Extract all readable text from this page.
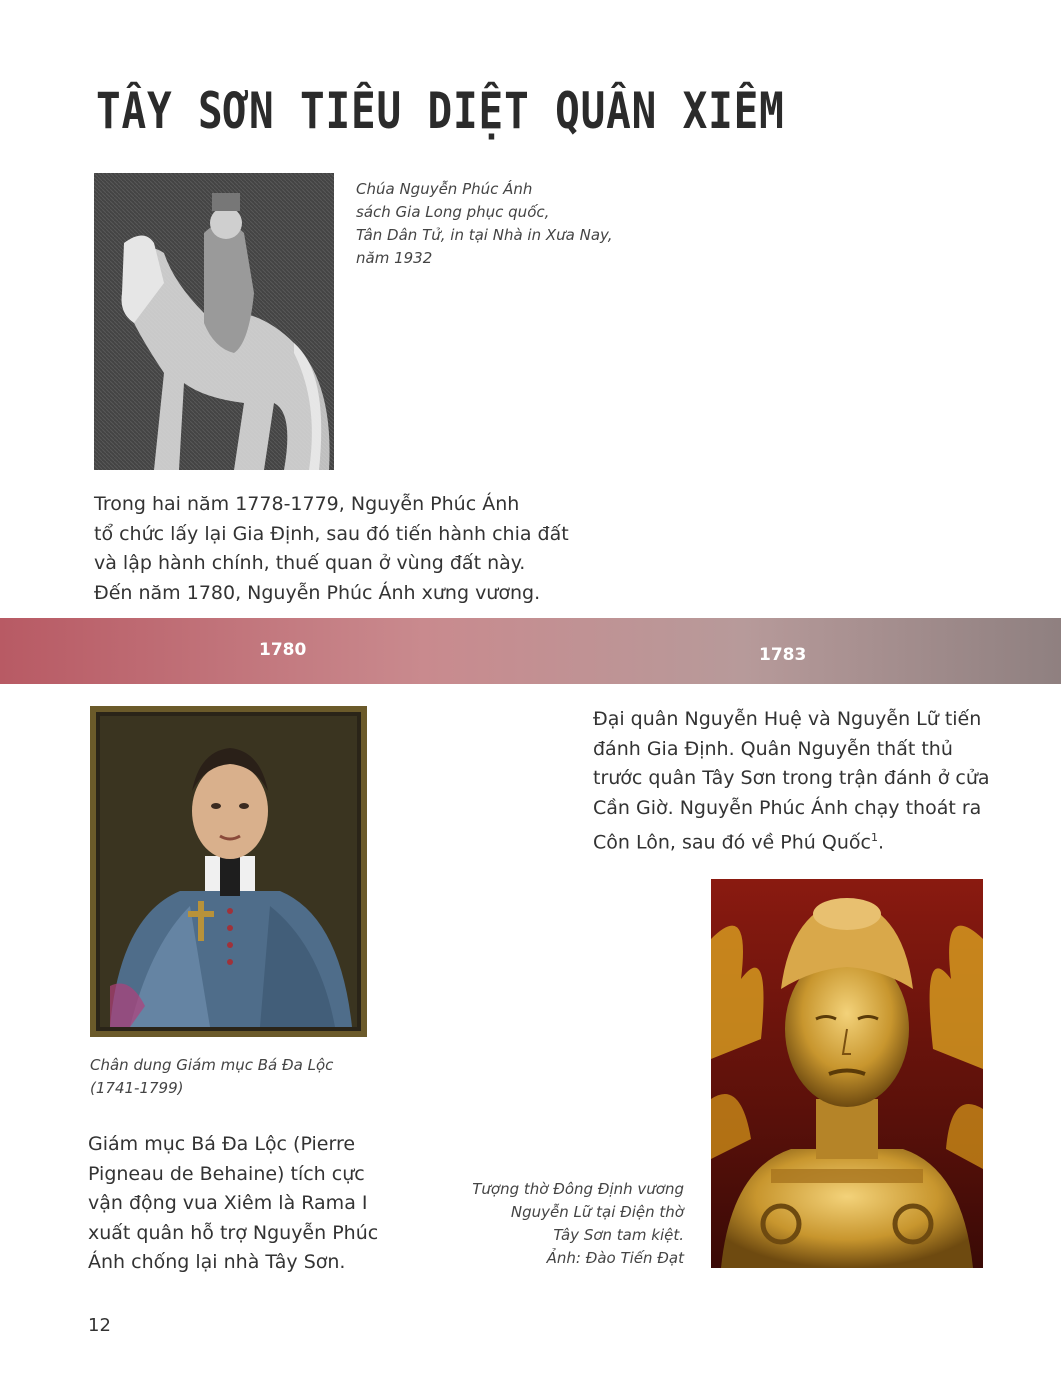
TÂY SƠN TIÊU DIỆT QUÂN XIÊM
Chúa Nguyễn Phúc Ánh
sách Gia Long phục quốc,
Tân Dân Tử, in tại Nhà in Xưa Nay,
năm 1932
Trong hai năm 1778-1779, Nguyễn Phúc Ánh
tổ chức lấy lại Gia Định, sau đó tiến hành chia đất
và lập hành chính, thuế quan ở vùng đất này.
Đến năm 1780, Nguyễn Phúc Ánh xưng vương.
1780	1783
Chân dung Giám mục Bá Đa Lộc
(1741-1799)
Giám mục Bá Đa Lộc (Pierre
Pigneau de Behaine) tích cực
vận động vua Xiêm là Rama I
xuất quân hỗ trợ Nguyễn Phúc
Ánh chống lại nhà Tây Sơn.
Đại quân Nguyễn Huệ và Nguyễn Lữ tiến
đánh Gia Định. Quân Nguyễn thất thủ
trước quân Tây Sơn trong trận đánh ở cửa
Cần Giờ. Nguyễn Phúc Ánh chạy thoát ra
Côn Lôn, sau đó về Phú Quốc$^1$.
Tượng thờ Đông Định vương
Nguyễn Lữ tại Điện thờ
Tây Sơn tam kiệt.
Ảnh: Đào Tiến Đạt
12
